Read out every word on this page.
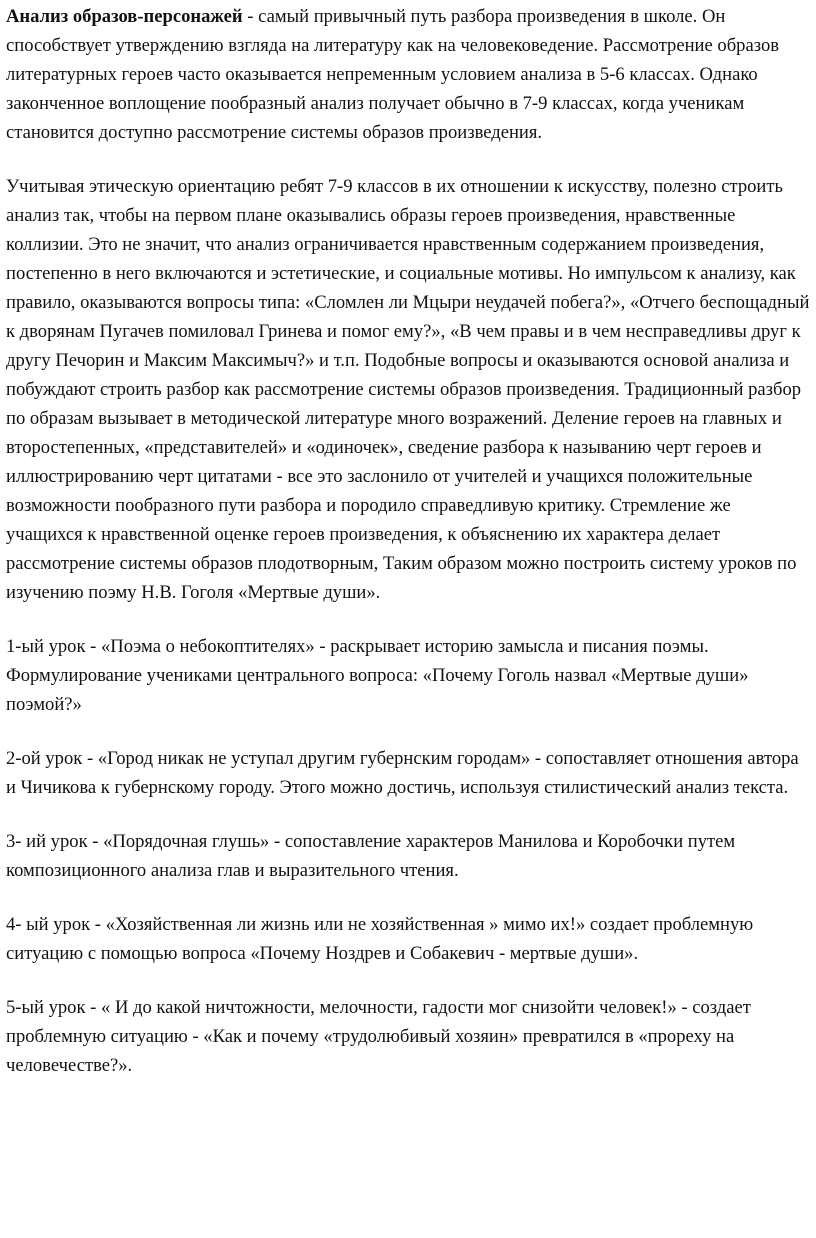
Анализ образов-персонажей - самый привычный путь разбора произведения в школе. Он способствует утверждению взгляда на литературу как на человековедение. Рассмотрение образов литературных героев часто оказывается непременным условием анализа в 5-6 классах. Однако законченное воплощение пообразный анализ получает обычно в 7-9 классах, когда ученикам становится доступно рассмотрение системы образов произведения.

Учитывая этическую ориентацию ребят 7-9 классов в их отношении к искусству, полезно строить анализ так, чтобы на первом плане оказывались образы героев произведения, нравственные коллизии. Это не значит, что анализ ограничивается нравственным содержанием произведения, постепенно в него включаются и эстетические, и социальные мотивы. Но импульсом к анализу, как правило, оказываются вопросы типа: «Сломлен ли Мцыри неудачей побега?», «Отчего беспощадный к дворянам Пугачев помиловал Гринева и помог ему?», «В чем правы и в чем несправедливы друг к другу Печорин и Максим Максимыч?» и т.п. Подобные вопросы и оказываются основой анализа и побуждают строить разбор как рассмотрение системы образов произведения. Традиционный разбор по образам вызывает в методической литературе много возражений. Деление героев на главных и второстепенных, «представителей» и «одиночек», сведение разбора к называнию черт героев и иллюстрированию черт цитатами - все это заслонило от учителей и учащихся положительные возможности пообразного пути разбора и породило справедливую критику. Стремление же учащихся к нравственной оценке героев произведения, к объяснению их характера делает рассмотрение системы образов плодотворным, Таким образом можно построить систему уроков по изучению поэму Н.В. Гоголя «Мертвые души».

1-ый урок - «Поэма о небокоптителях» - раскрывает историю замысла и писания поэмы. Формулирование учениками центрального вопроса: «Почему Гоголь назвал «Мертвые души» поэмой?»

2-ой урок - «Город никак не уступал другим губернским городам» - сопоставляет отношения автора и Чичикова к губернскому городу. Этого можно достичь, используя стилистический анализ текста.

3- ий урок - «Порядочная глушь» - сопоставление характеров Манилова и Коробочки путем композиционного анализа глав и выразительного чтения.

4- ый урок - «Хозяйственная ли жизнь или не хозяйственная » мимо их!» создает проблемную ситуацию с помощью вопроса «Почему Ноздрев и Собакевич - мертвые души».

5-ый урок - « И до какой ничтожности, мелочности, гадости мог снизойти человек!» - создает проблемную ситуацию - «Как и почему «трудолюбивый хозяин» превратился в «прореху на человечестве?».
